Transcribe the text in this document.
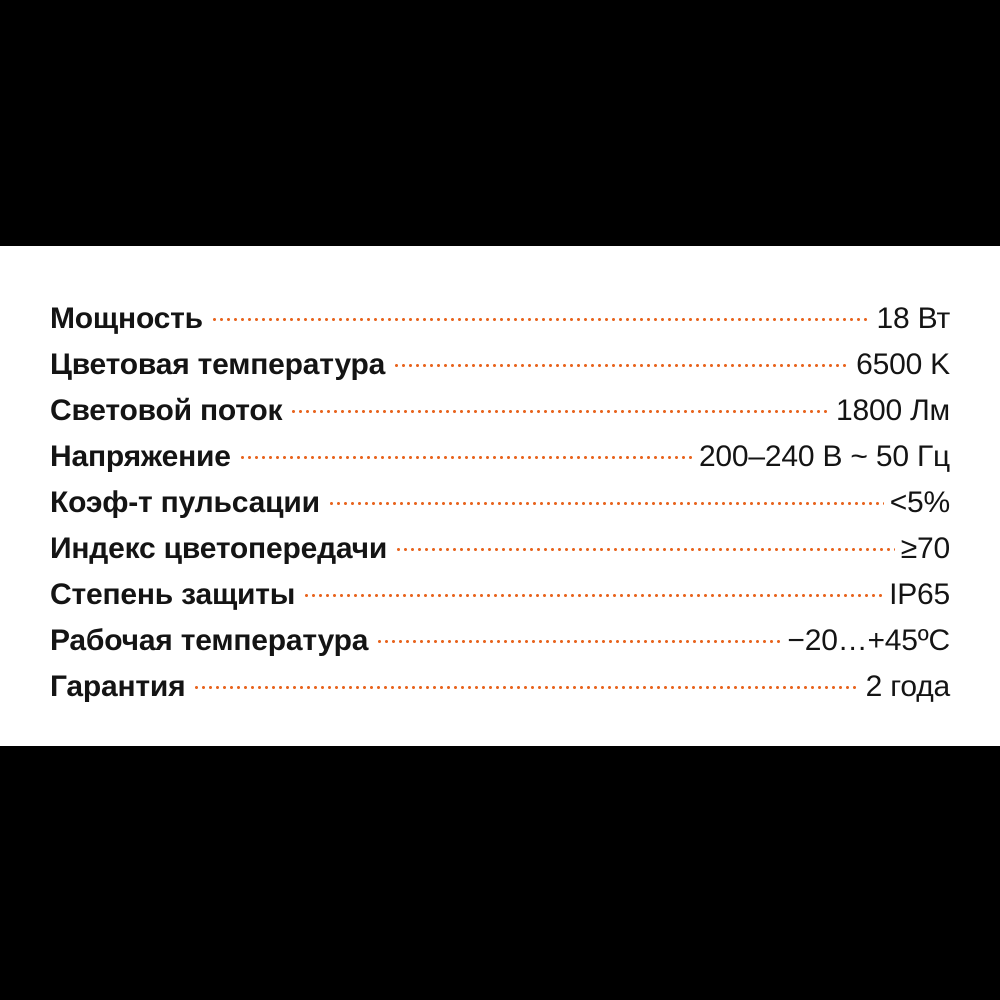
Мощность	18 Вт
Цветовая температура	6500 K
Световой поток	1800 Лм
Напряжение	200–240 В ~ 50 Гц
Коэф-т пульсации	<5%
Индекс цветопередачи	≥70
Степень защиты	IP65
Рабочая температура	−20…+45ºC
Гарантия	2 года
